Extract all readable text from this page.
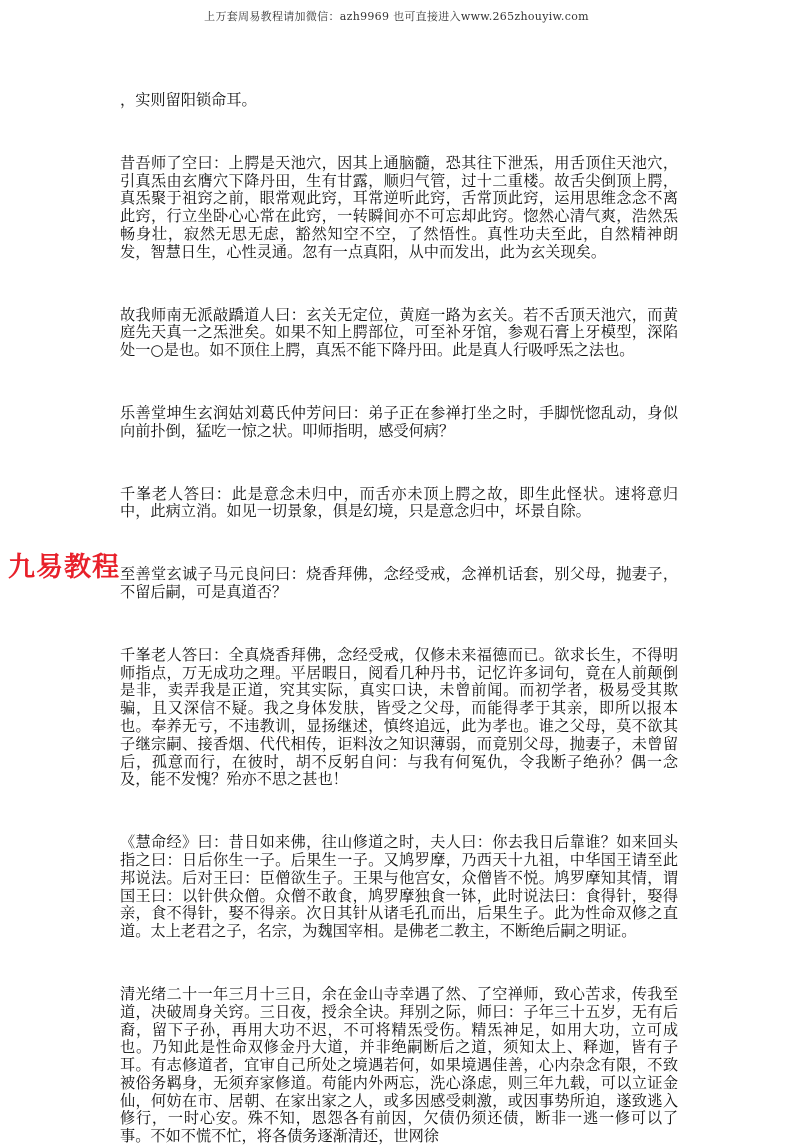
上万套周易教程请加微信：azh9969 也可直接进入www.265zhouyiw.com
九易教程

，实则留阳锁命耳。

昔吾师了空曰：上腭是天池穴，因其上通脑髓，恐其往下泄炁，用舌顶住天池穴，引真炁由玄膺穴下降丹田，生有甘露，顺归气管，过十二重楼。故舌尖倒顶上腭，真炁聚于祖窍之前，眼常观此窍，耳常逆听此窍，舌常顶此窍，运用思维念念不离此窍，行立坐卧心心常在此窍，一转瞬间亦不可忘却此窍。惚然心清气爽，浩然炁畅身壮，寂然无思无虑，豁然知空不空，了然悟性。真性功夫至此，自然精神朗发，智慧日生，心性灵通。忽有一点真阳，从中而发出，此为玄关现矣。

故我师南无派敲蹻道人曰：玄关无定位，黄庭一路为玄关。若不舌顶天池穴，而黄庭先天真一之炁泄矣。如果不知上腭部位，可至补牙馆，参观石膏上牙模型，深陷处一○是也。如不顶住上腭，真炁不能下降丹田。此是真人行吸呼炁之法也。

乐善堂坤生玄润姑刘葛氏仲芳问曰：弟子正在参禅打坐之时，手脚恍惚乱动，身似向前扑倒，猛吃一惊之状。叩师指明，感受何病？

千峯老人答曰：此是意念未归中，而舌亦未顶上腭之故，即生此怪状。速将意归中，此病立消。如见一切景象，俱是幻境，只是意念归中，坏景自除。

至善堂玄诚子马元良问曰：烧香拜佛，念经受戒，念禅机话套，别父母，抛妻子，不留后嗣，可是真道否？

千峯老人答曰：全真烧香拜佛，念经受戒，仅修未来福德而已。欲求长生，不得明师指点，万无成功之理。平居暇日，阅看几种丹书，记忆许多词句，竟在人前颠倒是非，卖弄我是正道，究其实际，真实口诀，未曾前闻。而初学者，极易受其欺骗，且又深信不疑。我之身体发肤，皆受之父母，而能得孝于其亲，即所以报本也。奉养无亏，不违教训，显扬继述，慎终追远，此为孝也。谁之父母，莫不欲其子继宗嗣、接香烟、代代相传，讵料汝之知识薄弱，而竟别父母，抛妻子，未曾留后，孤意而行，在彼时，胡不反躬自问：与我有何冤仇，令我断子绝孙？偶一念及，能不发愧？殆亦不思之甚也！

《慧命经》曰：昔日如来佛，往山修道之时，夫人曰：你去我日后靠谁？如来回头指之曰：日后你生一子。后果生一子。又鸠罗摩，乃西天十九祖，中华国王请至此邦说法。后对王曰：臣僧欲生子。王果与他宫女，众僧皆不悦。鸠罗摩知其情，谓国王曰：以针供众僧。众僧不敢食，鸠罗摩独食一钵，此时说法曰：食得针，娶得亲，食不得针，娶不得亲。次日其针从诸毛孔而出，后果生子。此为性命双修之直道。太上老君之子，名宗，为魏国宰相。是佛老二教主，不断绝后嗣之明证。

清光绪二十一年三月十三日，余在金山寺幸遇了然、了空禅师，致心苦求，传我至道，决破周身关窍。三日夜，授余全诀。拜别之际，师曰：子年三十五岁，无有后裔，留下子孙，再用大功不迟，不可将精炁受伤。精炁神足，如用大功，立可成也。乃知此是性命双修金丹大道，并非绝嗣断后之道，须知太上、释迦，皆有子耳。有志修道者，宜审自己所处之境遇若何，如果境遇佳善，心内杂念有限，不致被俗务羁身，无须弃家修道。苟能内外两忘，洗心涤虑，则三年九载，可以立证金仙，何妨在市、居朝、在家出家之人，或多因感受刺激，或因事势所迫，遂致逃入修行，一时心安。殊不知，恩怨各有前因，欠债仍须还债，断非一逃一修可以了事。不如不慌不忙，将各债务逐渐清还，世网徐
